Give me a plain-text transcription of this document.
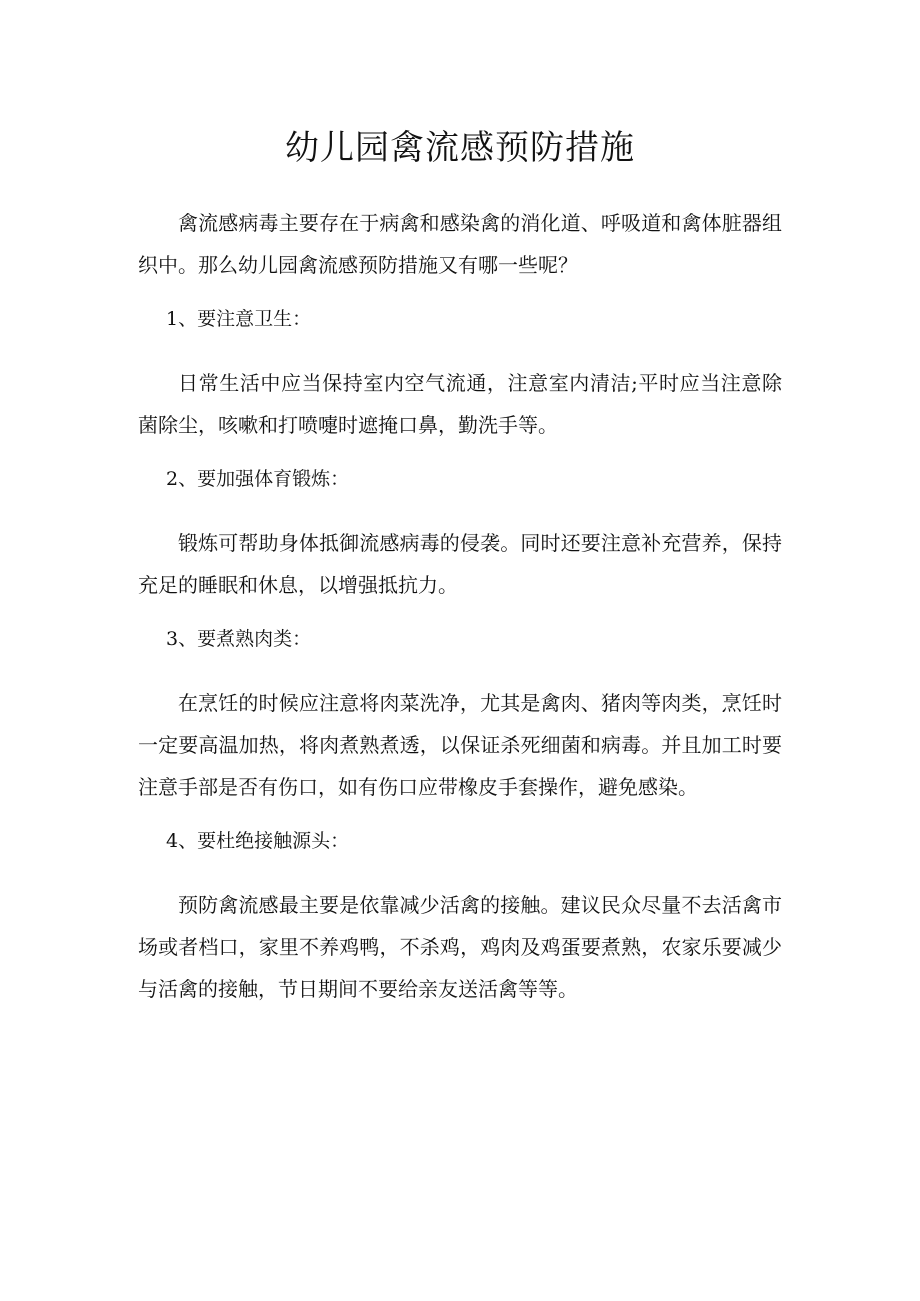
幼儿园禽流感预防措施

禽流感病毒主要存在于病禽和感染禽的消化道、呼吸道和禽体脏器组织中。那么幼儿园禽流感预防措施又有哪一些呢？

1、要注意卫生：

日常生活中应当保持室内空气流通，注意室内清洁;平时应当注意除菌除尘，咳嗽和打喷嚏时遮掩口鼻，勤洗手等。

2、要加强体育锻炼：

锻炼可帮助身体抵御流感病毒的侵袭。同时还要注意补充营养，保持充足的睡眠和休息，以增强抵抗力。

3、要煮熟肉类：

在烹饪的时候应注意将肉菜洗净，尤其是禽肉、猪肉等肉类，烹饪时一定要高温加热，将肉煮熟煮透，以保证杀死细菌和病毒。并且加工时要注意手部是否有伤口，如有伤口应带橡皮手套操作，避免感染。

4、要杜绝接触源头：

预防禽流感最主要是依靠减少活禽的接触。建议民众尽量不去活禽市场或者档口，家里不养鸡鸭，不杀鸡，鸡肉及鸡蛋要煮熟，农家乐要减少与活禽的接触，节日期间不要给亲友送活禽等等。
